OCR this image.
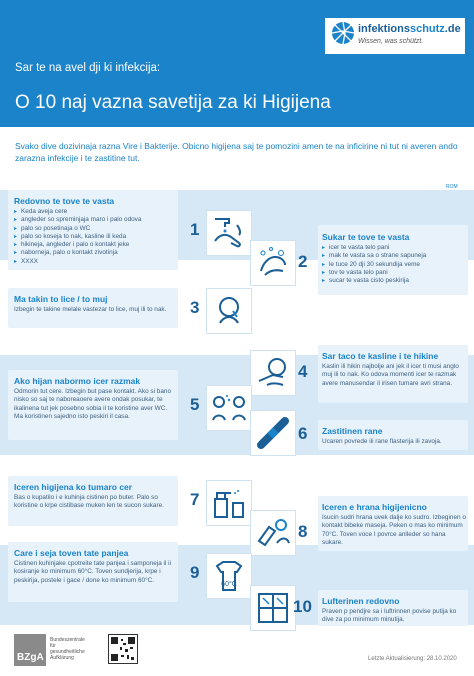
infektionsschutz.de
Wissen, was schützt.
Sar te na avel dji ki infekcija:
O 10 naj vazna savetija za ki Higijena
Svako dive dozivinaja razna Vire i Bakterije. Obicno higijena saj te pomozini amen te na inficirine ni tut ni averen ando zarazna infekcije i te zastitine tut.
ROM
Redovno te tove te vasta
▸ Keda aveja cere
▸ angleder so spreminjaja maro i palo odova
▸ palo so posetinaja o WC
▸ palo so koseja to nak, kasline ili keda
▸ hikineja, angleder i palo o kontakt jeke
▸ naborneja, palo o kontakt zivotinja
▸ XXXX
1	Sukar te tove te vasta
▸ icer te vasta telo pani
▸ mak te vasta sa o strane sapuneja
▸ le tuce 20 dji 30 sekundija veme
▸ tov te vasta telo pani
▸ sucar te vasta cisto peskirija
2
Ma takin to lice / to muj
Izbegin te takine melale vastezar to lice, muj ili to nak.	3
Sar taco te kasline i te hikine
Kaslin ili hikin najbolje ani jek il icer ti musi anglo muj ili to nak. Ko odova momenti icer te razmak avere manusendar il irisen tumare avri strana.
4
Ako hijan nabormo icer razmak
Odmorin tut cere. Izbegin but pase kontakt. Ako si bano nisko so saj te naboreaoere avere ondak posukar, te ikalinena tut jek posebno sobia il te koristine aver WC. Ma koristinen sajedno isto peskiri il casa.
5
Zastitinen rane
Ucaren povrede ili rane flasterija ili zavoja.
6
Iceren higijena ko tumaro cer
Bas o kupatilo i e kuhinja cistinen po buter. Palo so koristine o krpe cistibase muken len te sucon sukare.	7	Iceren e hrana higijenicno
Isucin sudri hrana uvek dalje ko sudro. Izbeginen o kontakt bibeke maseja. Peken o mas ko minimum 70°C. Toven voce I povrce anlleder so hana sukare.
8
Care i seja toven tate panjea
Cistinen kuhinjake cpotreite tate panjea i samponeja il ii kosiranje ko minimum 60°C. Toven sundjerija, krpe i peskirija, postele i gace / done ko minimum 60°C.	9
60°C
Lufterinen redovno
Praven p pendjre sa i luftrinnen povise putija ko dive za po minimum minutija.
10
BZgA
Bundeszentrale für gesundheitliche Aufklärung	Letzte Aktualisierung: 28.10.2020
